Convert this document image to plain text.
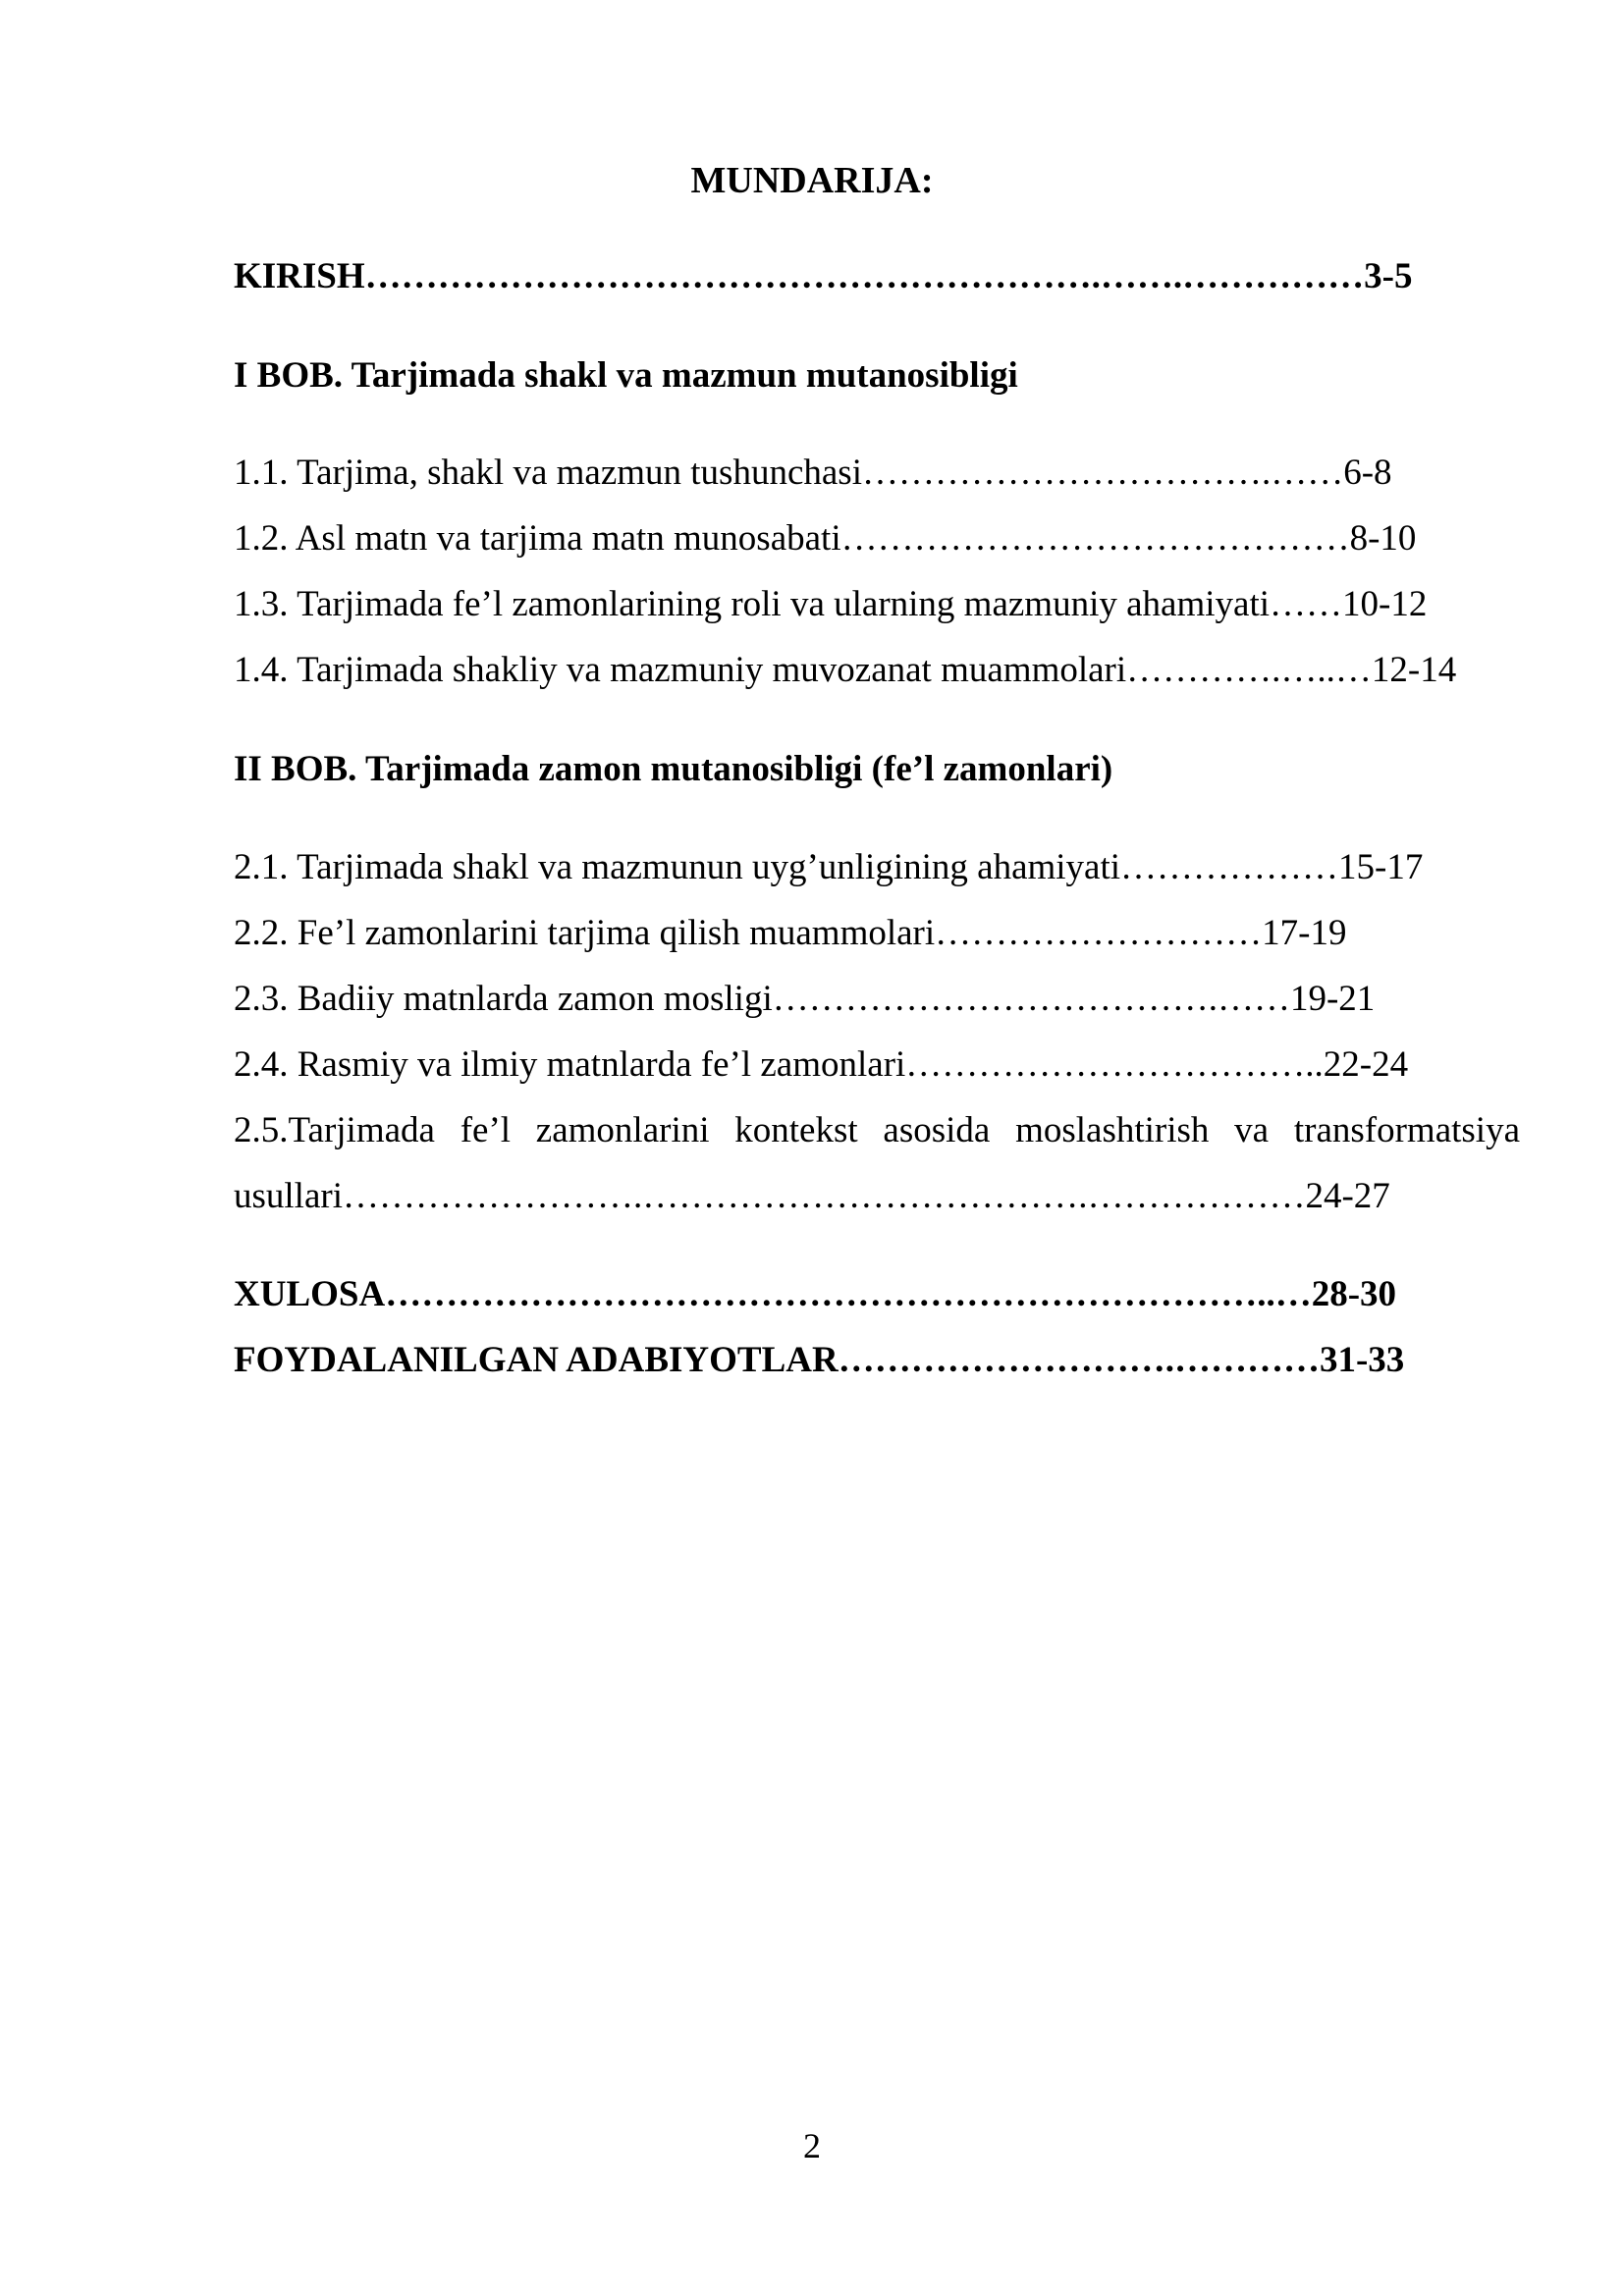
MUNDARIJA:
KIRISH…………………………………………………….…….……………3-5
I BOB. Tarjimada shakl va mazmun mutanosibligi
1.1. Tarjima, shakl va mazmun tushunchasi…………………………….……6-8
1.2. Asl matn va tarjima matn munosabati……………………………………8-10
1.3. Tarjimada fe’l zamonlarining roli va ularning mazmuniy ahamiyati……10-12
1.4. Tarjimada shakliy va mazmuniy muvozanat muammolari………….…..…12-14
II BOB. Tarjimada zamon mutanosibligi (fe’l zamonlari)
2.1. Tarjimada shakl va mazmunun uyg’unligining ahamiyati………………15-17
2.2. Fe’l zamonlarini tarjima qilish muammolari………………………17-19
2.3. Badiiy matnlarda zamon mosligi……………………………….……19-21
2.4. Rasmiy va ilmiy matnlarda fe’l zamonlari……………………………..22-24
2.5.Tarjimada fe’l zamonlarini kontekst asosida moslashtirish va transformatsiya
usullari…………………….……………………………….………………24-27
XULOSA………………………………………………………………..…28-30
FOYDALANILGAN ADABIYOTLAR……………………….…………31-33
2
